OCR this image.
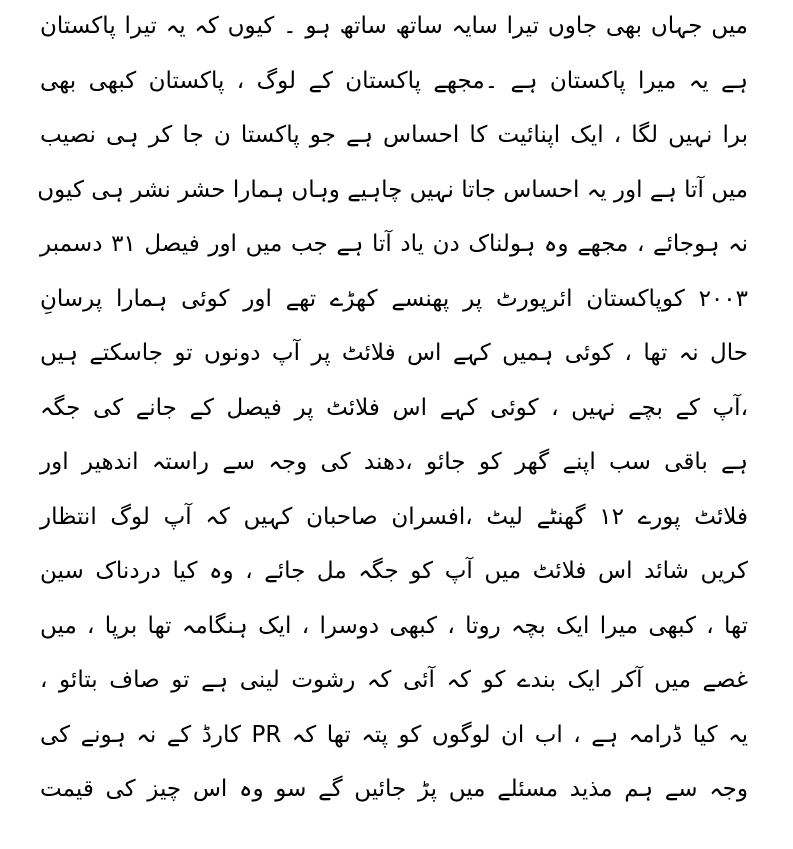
میں جہاں بھی جاوں تیرا سایہ ساتھ ساتھ ہو ۔ کیوں کہ یہ تیرا پاکستان
ہے یہ میرا پاکستان ہے ۔مجھے پاکستان کے لوگ ، پاکستان کبھی بھی
برا نہیں لگا ، ایک اپنائیت کا احساس ہے جو پاکستا ن جا کر ہی نصیب
میں آتا ہے اور یہ احساس جاتا نہیں چاہیے وہاں ہمارا حشر نشر ہی کیوں
نہ ہوجائے ، مجھے وہ ہولناک دن یاد آتا ہے جب میں اور فیصل ۳۱ دسمبر
۲۰۰۳ کوپاکستان ائرپورٹ پر پھنسے کھڑے تھے اور کوئی ہمارا پرسانِ
حال نہ تھا ، کوئی ہمیں کہے اس فلائٹ پر آپ دونوں تو جاسکتے ہیں
،آپ کے بچے نہیں ، کوئی کہے اس فلائٹ پر فیصل کے جانے کی جگہ
ہے باقی سب اپنے گھر کو جائو ،دھند کی وجہ سے راستہ اندھیر اور
فلائٹ پورے ۱۲ گھنٹے لیٹ ،افسران صاحبان کہیں کہ آپ لوگ انتظار
کریں شائد اس فلائٹ میں آپ کو جگہ مل جائے ، وہ کیا دردناک سین
تھا ، کبھی میرا ایک بچہ روتا ، کبھی دوسرا ، ایک ہنگامہ تھا برپا ، میں
غصے میں آکر ایک بندے کو کہ آئی کہ رشوت لینی ہے تو صاف بتائو ،
یہ کیا ڈرامہ ہے ، اب ان لوگوں کو پتہ تھا کہ PR کارڈ کے نہ ہونے کی
وجہ سے ہم مذید مسئلے میں پڑ جائیں گے سو وہ اس چیز کی قیمت
